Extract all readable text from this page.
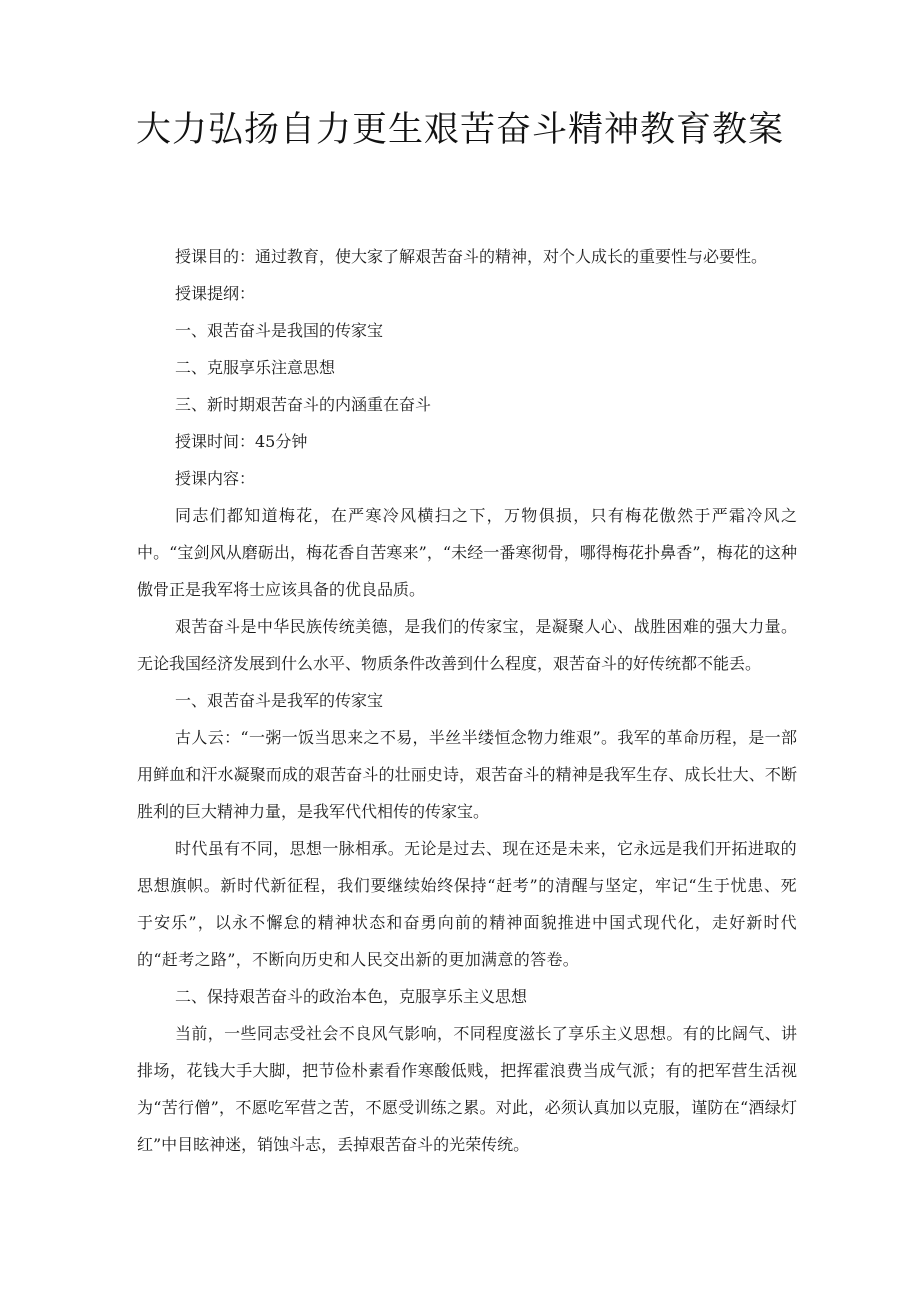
大力弘扬自力更生艰苦奋斗精神教育教案

授课目的：通过教育，使大家了解艰苦奋斗的精神，对个人成长的重要性与必要性。

授课提纲：

一、艰苦奋斗是我国的传家宝

二、克服享乐注意思想

三、新时期艰苦奋斗的内涵重在奋斗

授课时间：45分钟

授课内容：

同志们都知道梅花，在严寒冷风横扫之下，万物俱损，只有梅花傲然于严霜冷风之中。“宝剑风从磨砺出，梅花香自苦寒来”，“未经一番寒彻骨，哪得梅花扑鼻香”，梅花的这种傲骨正是我军将士应该具备的优良品质。

艰苦奋斗是中华民族传统美德，是我们的传家宝，是凝聚人心、战胜困难的强大力量。无论我国经济发展到什么水平、物质条件改善到什么程度，艰苦奋斗的好传统都不能丢。

一、艰苦奋斗是我军的传家宝

古人云：“一粥一饭当思来之不易，半丝半缕恒念物力维艰”。我军的革命历程，是一部用鲜血和汗水凝聚而成的艰苦奋斗的壮丽史诗，艰苦奋斗的精神是我军生存、成长壮大、不断胜利的巨大精神力量，是我军代代相传的传家宝。

时代虽有不同，思想一脉相承。无论是过去、现在还是未来，它永远是我们开拓进取的思想旗帜。新时代新征程，我们要继续始终保持“赶考”的清醒与坚定，牢记“生于忧患、死于安乐”，以永不懈怠的精神状态和奋勇向前的精神面貌推进中国式现代化，走好新时代的“赶考之路”，不断向历史和人民交出新的更加满意的答卷。

二、保持艰苦奋斗的政治本色，克服享乐主义思想

当前，一些同志受社会不良风气影响，不同程度滋长了享乐主义思想。有的比阔气、讲排场，花钱大手大脚，把节俭朴素看作寒酸低贱，把挥霍浪费当成气派；有的把军营生活视为“苦行僧”，不愿吃军营之苦，不愿受训练之累。对此，必须认真加以克服，谨防在“酒绿灯红”中目眩神迷，销蚀斗志，丢掉艰苦奋斗的光荣传统。
